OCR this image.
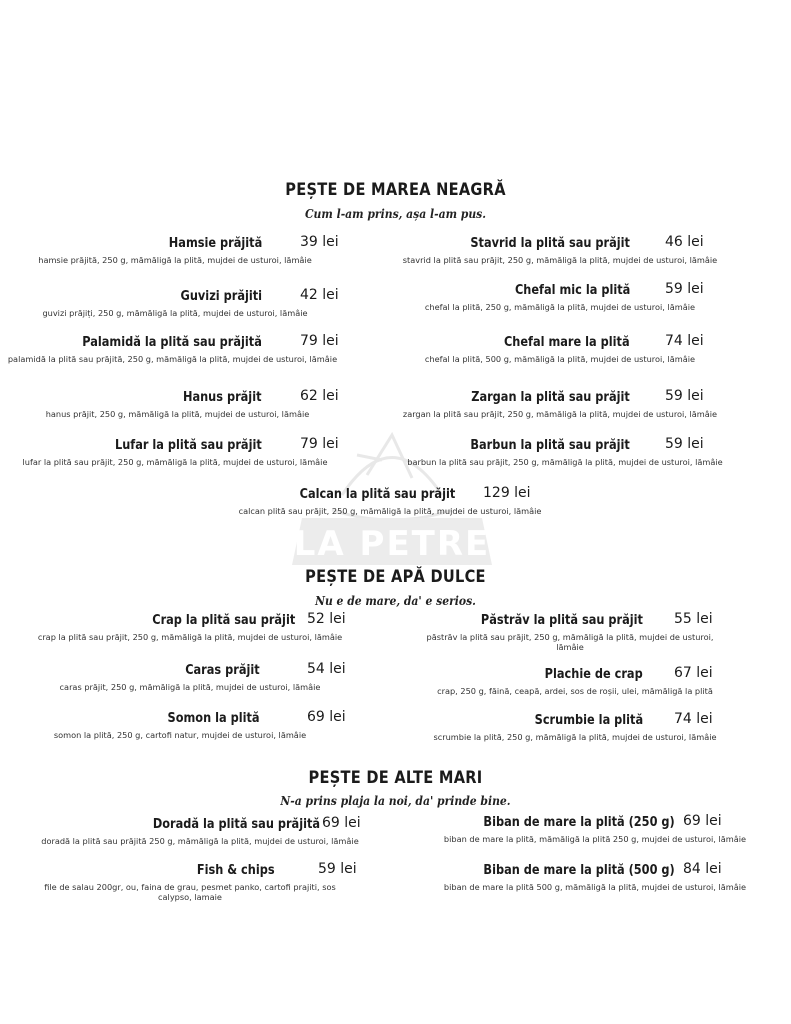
LA PETRE
PEȘTE DE MAREA NEAGRĂ
Cum l-am prins, așa l-am pus.
Hamsie prăjită	39 lei
hamsie prăjită, 250 g, mămăligă la plită, mujdei de usturoi, lămâie
Stavrid la plită sau prăjit	46 lei
stavrid la plită sau prăjit, 250 g, mămăligă la plită, mujdei de usturoi, lămâie
Guvizi prăjiti	42 lei
guvizi prăjiți, 250 g, mămăligă la plită, mujdei de usturoi, lămâie
Chefal mic la plită	59 lei
chefal la plită, 250 g, mămăligă la plită, mujdei de usturoi, lămâie
Palamidă la plită sau prăjită	79 lei
palamidă la plită sau prăjită, 250 g, mămăligă la plită, mujdei de usturoi, lămâie
Chefal mare la plită	74 lei
chefal la plită, 500 g, mămăligă la plită, mujdei de usturoi, lămâie
Hanus prăjit	62 lei
hanus prăjit, 250 g, mămăligă la plită, mujdei de usturoi, lămâie
Zargan la plită sau prăjit	59 lei
zargan la plită sau prăjit, 250 g, mămăligă la plită, mujdei de usturoi, lămâie
Lufar la plită sau prăjit	79 lei
lufar la plită sau prăjit, 250 g, mămăligă la plită, mujdei de usturoi, lămâie
Barbun la plită sau prăjit	59 lei
barbun la plită sau prăjit, 250 g, mămăligă la plită, mujdei de usturoi, lămâie
Calcan la plită sau prăjit 129 lei
calcan plită sau prăjit, 250 g, mămăligă la plită, mujdei de usturoi, lămâie
PEȘTE DE APĂ DULCE
Nu e de mare, da' e serios.
Crap la plită sau prăjit 52 lei
crap la plită sau prăjit, 250 g, mămăligă la plită, mujdei de usturoi, lămâie
Păstrăv la plită sau prăjit 55 lei
păstrăv la plită sau prăjit, 250 g, mămăligă la plită, mujdei de usturoi, lămâie
Caras prăjit	54 lei
caras prăjit, 250 g, mămăligă la plită, mujdei de usturoi, lămâie
Plachie de crap 67 lei
crap, 250 g, făină, ceapă, ardei, sos de roșii, ulei, mămăligă la plită
Somon la plită	69 lei
somon la plită, 250 g, cartofi natur, mujdei de usturoi, lămâie
Scrumbie la plită 74 lei
scrumbie la plită, 250 g, mămăligă la plită, mujdei de usturoi, lămâie
PEȘTE DE ALTE MARI
N-a prins plaja la noi, da' prinde bine.
Doradă la plită sau prăjită 69 lei
doradă la plită sau prăjită 250 g, mămăligă la plită, mujdei de usturoi, lămâie
Biban de mare la plită (250 g) 69 lei
biban de mare la plită, mămăligă la plită 250 g, mujdei de usturoi, lămâie
Fish & chips	59 lei
file de salau 200gr, ou, faina de grau, pesmet panko, cartofi prajiti, sos calypso, lamaie
Biban de mare la plită (500 g) 84 lei
biban de mare la plită 500 g, mămăligă la plită, mujdei de usturoi, lămâie
